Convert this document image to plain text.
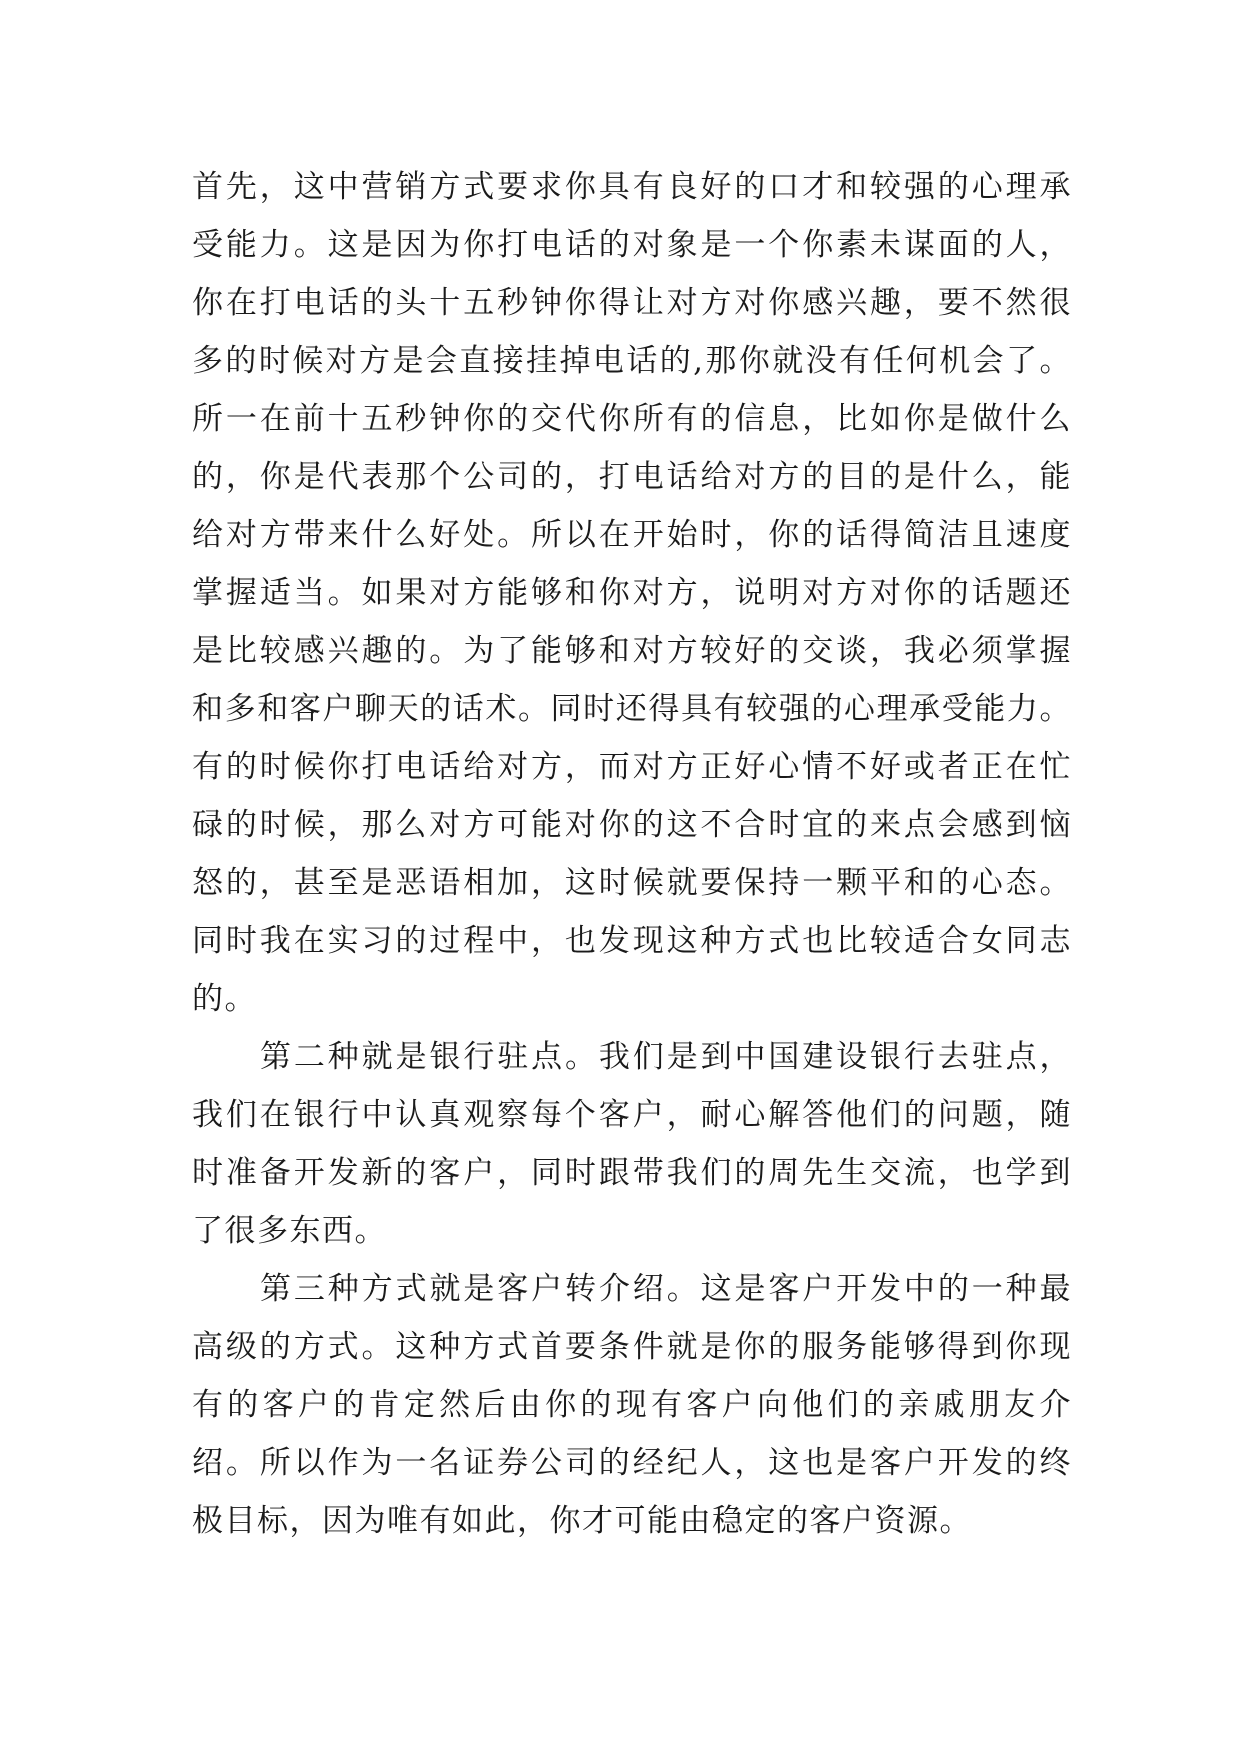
首先，这中营销方式要求你具有良好的口才和较强的心理承
受能力。这是因为你打电话的对象是一个你素未谋面的人，
你在打电话的头十五秒钟你得让对方对你感兴趣，要不然很
多的时候对方是会直接挂掉电话的,那你就没有任何机会了。
所一在前十五秒钟你的交代你所有的信息，比如你是做什么
的，你是代表那个公司的，打电话给对方的目的是什么，能
给对方带来什么好处。所以在开始时，你的话得简洁且速度
掌握适当。如果对方能够和你对方，说明对方对你的话题还
是比较感兴趣的。为了能够和对方较好的交谈，我必须掌握
和多和客户聊天的话术。同时还得具有较强的心理承受能力。
有的时候你打电话给对方，而对方正好心情不好或者正在忙
碌的时候，那么对方可能对你的这不合时宜的来点会感到恼
怒的，甚至是恶语相加，这时候就要保持一颗平和的心态。
同时我在实习的过程中，也发现这种方式也比较适合女同志
的。
第二种就是银行驻点。我们是到中国建设银行去驻点，
我们在银行中认真观察每个客户，耐心解答他们的问题，随
时准备开发新的客户，同时跟带我们的周先生交流，也学到
了很多东西。
第三种方式就是客户转介绍。这是客户开发中的一种最
高级的方式。这种方式首要条件就是你的服务能够得到你现
有的客户的肯定然后由你的现有客户向他们的亲戚朋友介
绍。所以作为一名证券公司的经纪人，这也是客户开发的终
极目标，因为唯有如此，你才可能由稳定的客户资源。
